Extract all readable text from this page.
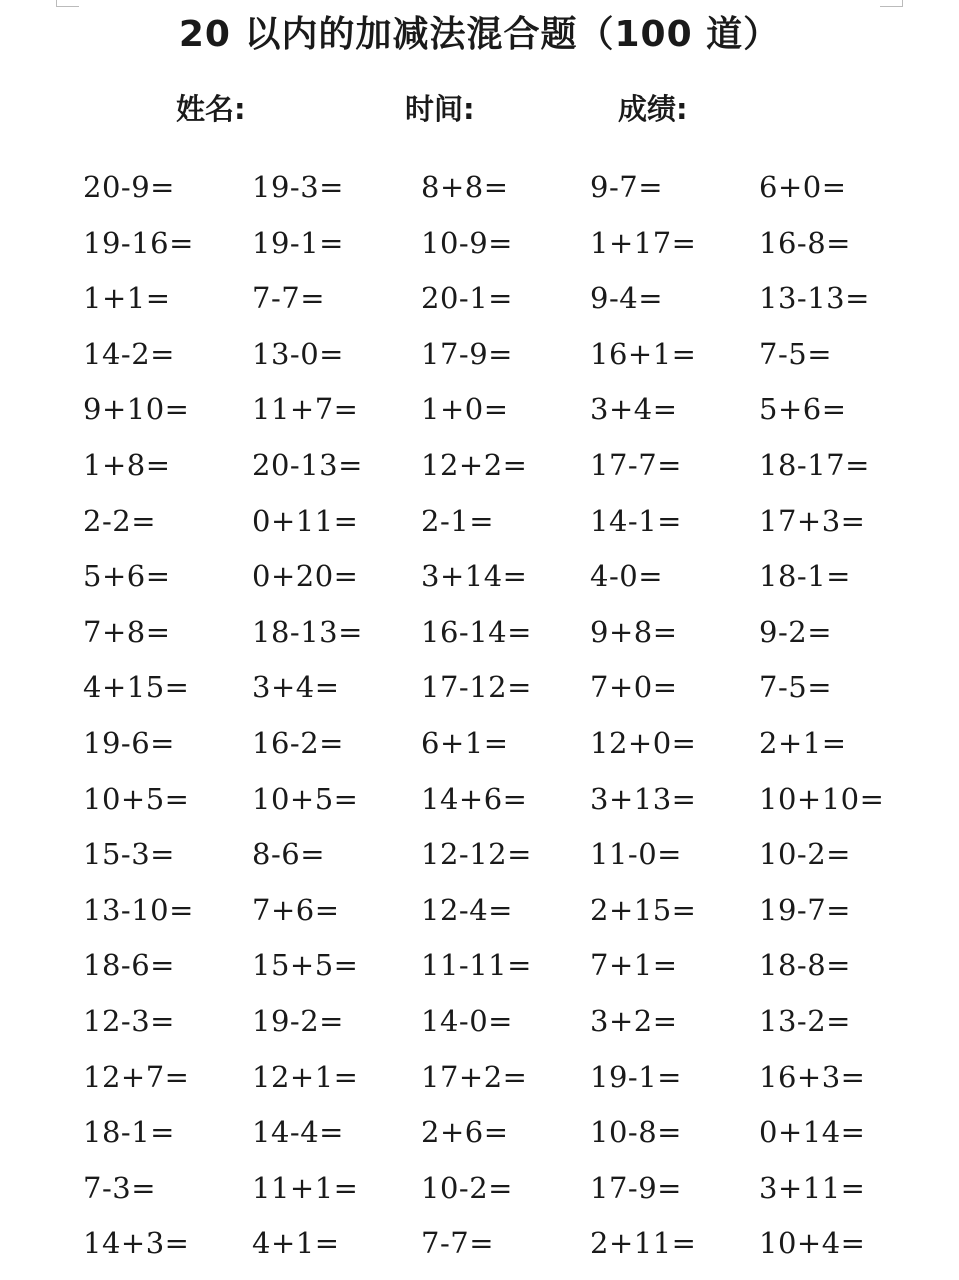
20 以内的加减法混合题（100 道）
姓名:	时间:	成绩:
20-9=	19-3=	8+8=	9-7=	6+0=
19-16=	19-1=	10-9=	1+17=	16-8=
1+1=	7-7=	20-1=	9-4=	13-13=
14-2=	13-0=	17-9=	16+1=	7-5=
9+10=	11+7=	1+0=	3+4=	5+6=
1+8=	20-13=	12+2=	17-7=	18-17=
2-2=	0+11=	2-1=	14-1=	17+3=
5+6=	0+20=	3+14=	4-0=	18-1=
7+8=	18-13=	16-14=	9+8=	9-2=
4+15=	3+4=	17-12=	7+0=	7-5=
19-6=	16-2=	6+1=	12+0=	2+1=
10+5=	10+5=	14+6=	3+13=	10+10=
15-3=	8-6=	12-12=	11-0=	10-2=
13-10=	7+6=	12-4=	2+15=	19-7=
18-6=	15+5=	11-11=	7+1=	18-8=
12-3=	19-2=	14-0=	3+2=	13-2=
12+7=	12+1=	17+2=	19-1=	16+3=
18-1=	14-4=	2+6=	10-8=	0+14=
7-3=	11+1=	10-2=	17-9=	3+11=
14+3=	4+1=	7-7=	2+11=	10+4=
